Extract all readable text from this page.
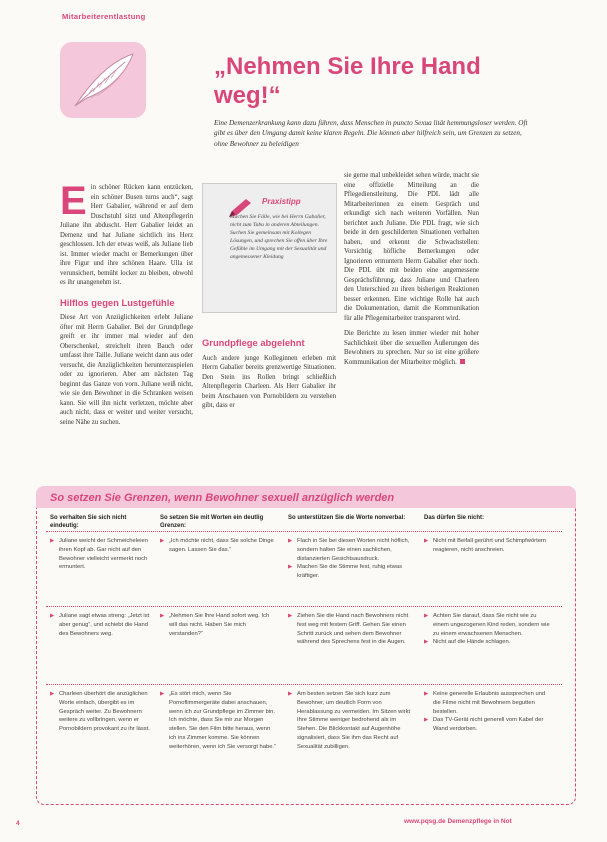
Mitarbeiterentlastung
„Nehmen Sie Ihre Hand weg!“
Eine Demenzerkrankung kann dazu führen, dass Menschen in puncto Sexua lität hemmungsloser werden. Oft gibt es über den Umgang damit keine klaren Regeln. Die können aber hilfreich sein, um Grenzen zu setzen, ohne Bewohner zu beleidigen

Ein schöner Rücken kann entzücken, ein schöner Busen turns auch“, sagt Herr Gabalier, während er auf dem Duschstuhl sitzt und Altenpflegerin Juliane ihn abduscht. Herr Gabalier leidet an Demenz und hat Juliane sichtlich ins Herz geschlossen. Ich der etwas weiß, als Juliane lieb ist. Immer wieder macht er Bemerkungen über ihre Figur und ihre schönen Haare. Ulla ist verunsichert, bemüht locker zu bleiben, obwohl es ihr unangenehm ist.

Hilflos gegen Lustgefühle

Diese Art von Anzüglichkeiten erlebt Juliane öfter mit Herrn Gabalier. Bei der Grundpflege greift er ihr immer mal wieder auf den Oberschenkel, streichelt ihren Bauch oder umfasst ihre Taille. Juliane weicht dann aus oder versucht, die Anzüglichkeiten herunterzuspielen oder zu ignorieren. Aber am nächsten Tag beginnt das Ganze von vorn. Juliane weiß nicht, wie sie den Bewohner in die Schranken weisen kann. Sie will ihn nicht verletzen, möchte aber auch nicht, dass er weiter und weiter versucht, seine Nähe zu suchen.

Praxistipp
Machen Sie Fälle, wie bei Herrn Gabalier, nicht zum Tabu in anderen Abteilungen. Suchen Sie gemeinsam mit Kollegen Lösungen, und sprechen Sie offen über Ihre Gefühle im Umgang mit der Sexualität und angemessener Kleidung
Grundpflege abgelehnt

Auch andere junge Kolleginnen erleben mit Herrn Gabalier bereits grenzwertige Situationen. Den Stein ins Rollen bringt schließlich Altenpflegerin Charleen. Als Herr Gabalier ihr beim Anschauen von Pornobildern zu verstehen gibt, dass er

sie gerne mal unbekleidet sehen würde, macht sie eine offizielle Mitteilung an die Pflegedienstleitung. Die PDL lädt alle Mitarbeiterinnen zu einem Gespräch und erkundigt sich nach weiteren Vorfällen. Nun berichtet auch Juliane. Die PDL fragt, wie sich beide in den geschilderten Situationen verhalten haben, und erkennt die Schwachstellen: Vorsichtig höfliche Bemerkungen oder Ignorieren ermuntern Herrn Gabalier eher noch. Die PDL übt mit beiden eine angemessene Gesprächsführung, dass Juliane und Charleen den Unterschied zu ihren bisherigen Reaktionen besser erkennen. Eine wichtige Rolle hat auch die Dokumentation, damit die Kommunikation für alle Pflegemitarbeiter transparent wird.

Die Berichte zu lesen immer wieder mit hoher Sachlichkeit über die sexuellen Äußerungen des Bewohners zu sprechen. Nur so ist eine größere Kommunikation der Mitarbeiter möglich.

So setzen Sie Grenzen, wenn Bewohner sexuell anzüglich werden
So verhalten Sie sich nicht eindeutig:
So setzen Sie mit Worten ein deutlig Grenzen:
So unterstützen Sie die Worte nonverbal:	Das dürfen Sie nicht:
▶ Juliane weicht der Schmeicheleien ihren Kopf ab. Gar nicht auf den Bewohner vielleicht vermerkt noch ermuntert.
▶ „Ich möchte nicht, dass Sie solche Dinge sagen. Lassen Sie das.“
▶ Flach in Sie bei diesen Worten nicht höflich, sondern halten Sie einen sachlichen, distanzierten Gesichtsausdruck.
▶ Machen Sie die Stimme fest, ruhig etwas kräftiger.
▶ Nicht mit Beifall gerührt und Schimpfwörtern reagieren, nicht anschreien.
▶ Juliane sagt etwas streng: „Jetzt ist aber genug“, und schiebt die Hand des Bewohners weg.
▶ „Nehmen Sie Ihre Hand sofort weg. Ich will das nicht. Haben Sie mich verstanden?“
▶ Ziehen Sie die Hand nach Bewohners nicht fest weg mit festem Griff. Gehen Sie einen Schritt zurück und sehen dem Bewohner während des Sprechens fest in die Augen.
▶ Achten Sie darauf, dass Sie nicht wie zu einem ungezogenen Kind reden, sondern wie zu einem erwachsenen Menschen.
▶ Nicht auf die Hände schlagen.
▶ Charleen überhört die anzüglichen Worte einfach, übergibt es im Gespräch weiter. Zu Bewohnern weitere zu vollbringen, wenn er Pornobildern provokant zu ihr lässt.
▶ „Es stört mich, wenn Sie Pornoflimmergeräte dabei anschauen, wenn ich zur Grundpflege im Zimmer bin. Ich möchte, dass Sie mir zur Morgen stellen. Sie den Film bitte heraus, wenn ich ins Zimmer komme. Sie können weiterhören, wenn ich Sie versorgt habe.“
▶ Am besten setzen Sie sich kurz zum Bewohner, um deutlich Form von Herablassung zu vermeiden. Im Sitzen wirkt Ihre Stimme weniger bedrohend als im Stehen. Die Blickkontakt auf Augenhöhe signalisiert, dass Sie ihm das Recht auf Sexualität zubilligen.
▶ Keine generelle Erlaubnis aussprechen und die Filme nicht mit Bewohnern begutten bestellen.
▶ Das TV-Gerät nicht generell vom Kabel der Wand verdorben.
4	www.pqsg.de Demenzpflege in Not
